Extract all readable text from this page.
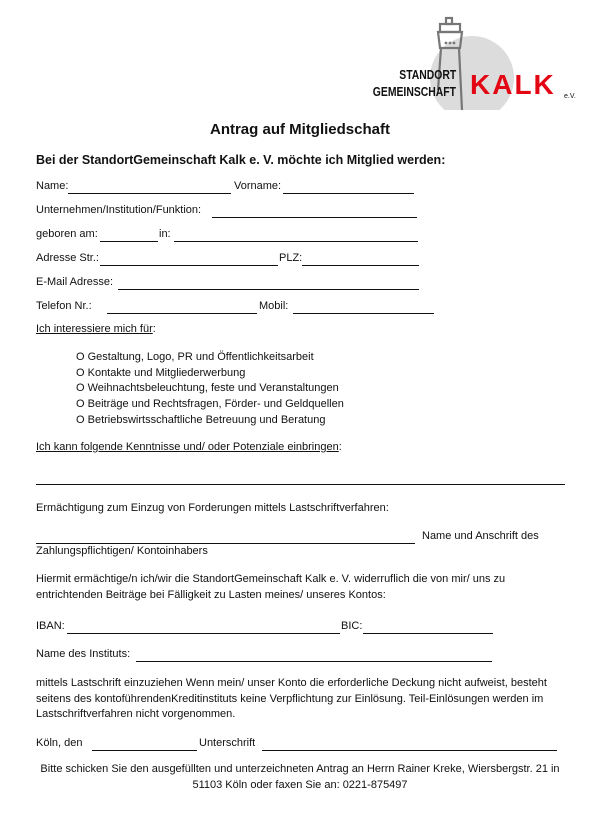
STANDORT
GEMEINSCHAFT KALK e.V.
Antrag auf Mitgliedschaft
Bei der StandortGemeinschaft Kalk e. V. möchte ich Mitglied werden:
Name:	Vorname:
Unternehmen/Institution/Funktion:
geboren am:	in:
Adresse Str.:	PLZ:
E-Mail Adresse:
Telefon Nr.:	Mobil:
Ich interessiere mich für:
O Gestaltung, Logo, PR und Öffentlichkeitsarbeit
O Kontakte und Mitgliederwerbung
O Weihnachtsbeleuchtung, feste und Veranstaltungen
O Beiträge und Rechtsfragen, Förder- und Geldquellen
O Betriebswirtsschaftliche Betreuung und Beratung
Ich kann folgende Kenntnisse und/ oder Potenziale einbringen:
Ermächtigung zum Einzug von Forderungen mittels Lastschriftverfahren:
Name und Anschrift des
Zahlungspflichtigen/ Kontoinhabers
Hiermit ermächtige/n ich/wir die StandortGemeinschaft Kalk e. V. widerruflich die von mir/ uns zu
entrichtenden Beiträge bei Fälligkeit zu Lasten meines/ unseres Kontos:
IBAN:	BIC:
Name des Instituts:
mittels Lastschrift einzuziehen Wenn mein/ unser Konto die erforderliche Deckung nicht aufweist, besteht
seitens des kontoführendenKreditinstituts keine Verpflichtung zur Einlösung. Teil-Einlösungen werden im
Lastschriftverfahren nicht vorgenommen.
Köln, den	Unterschrift
Bitte schicken Sie den ausgefüllten und unterzeichneten Antrag an Herrn Rainer Kreke, Wiersbergstr. 21 in
51103 Köln oder faxen Sie an: 0221-875497
